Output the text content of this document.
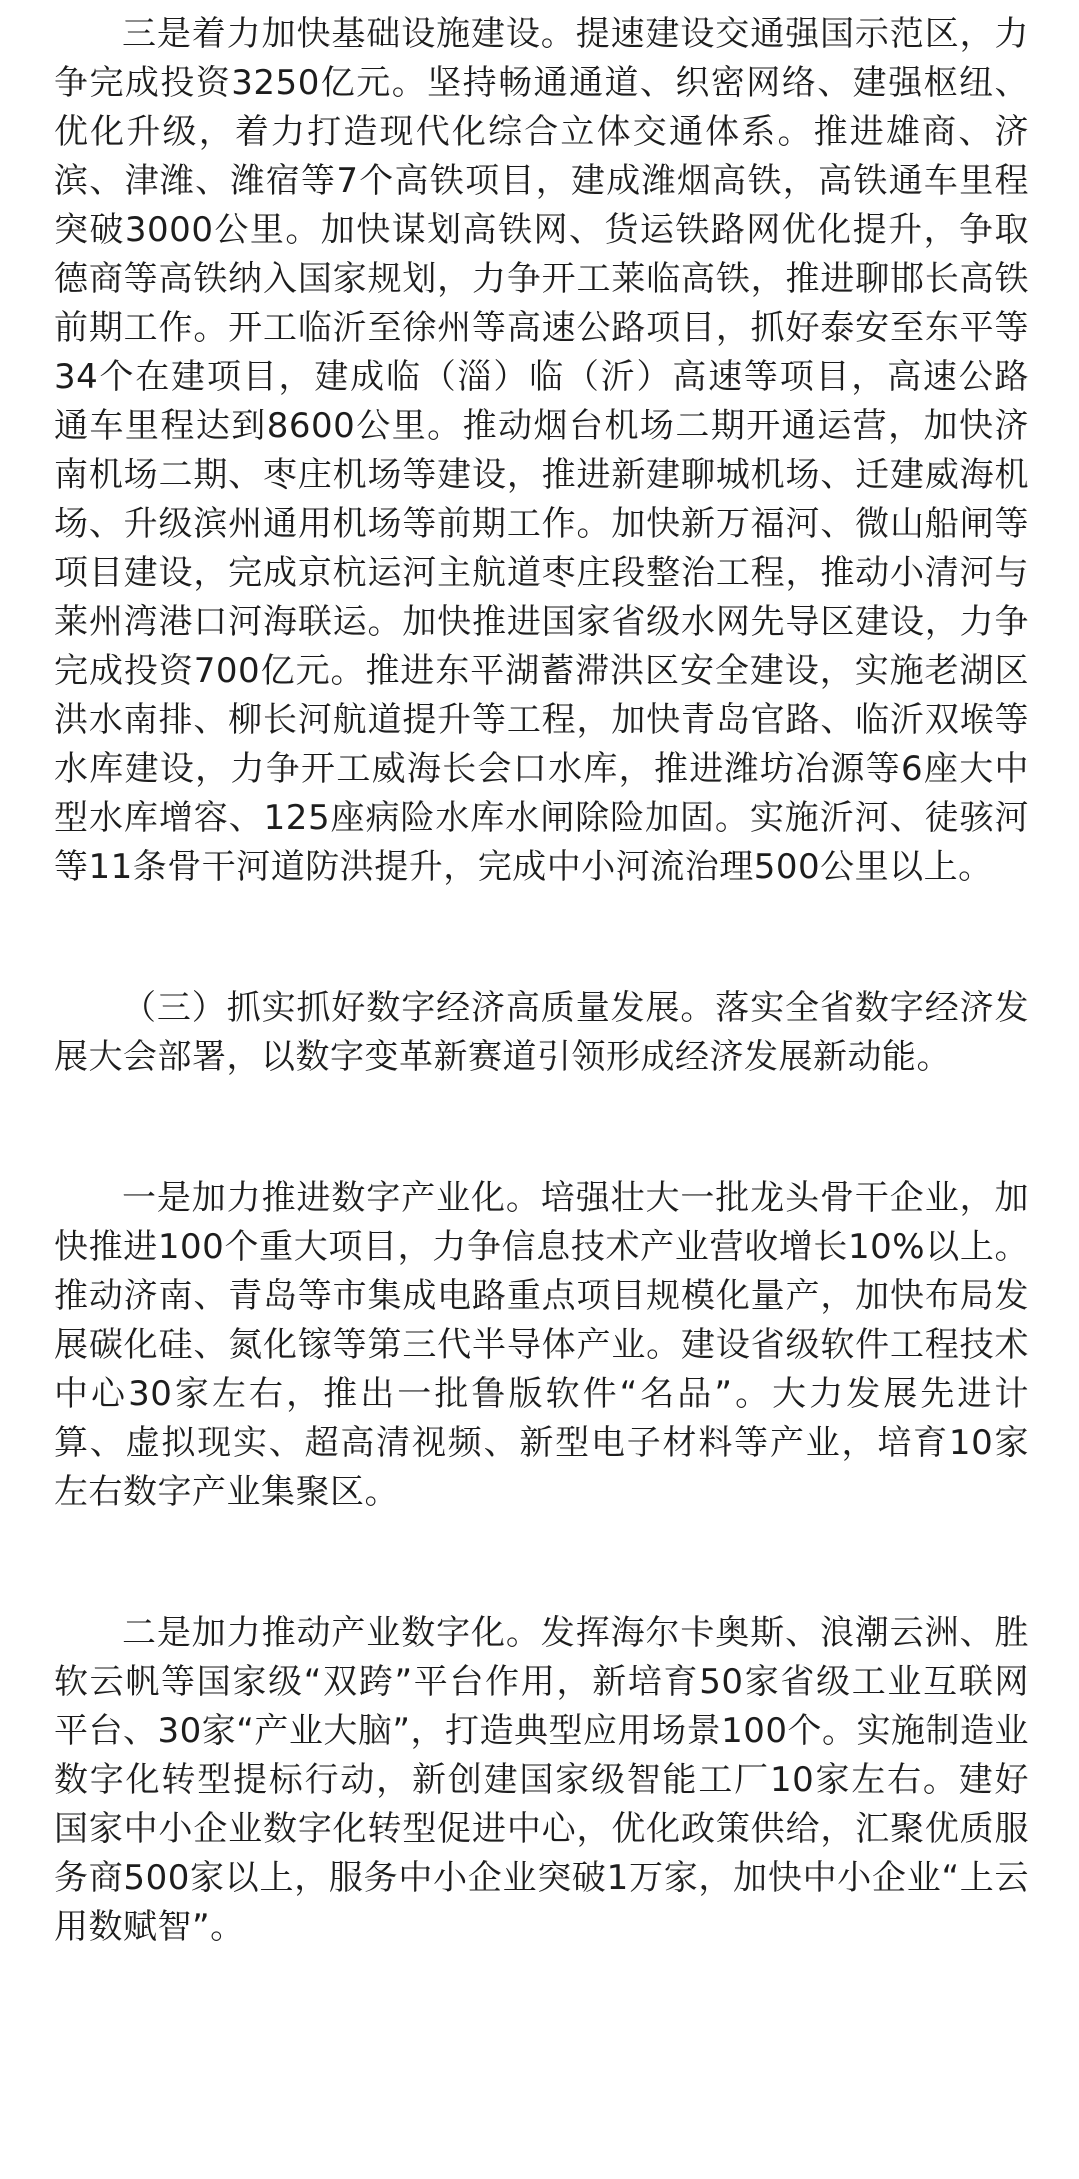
三是着力加快基础设施建设。提速建设交通强国示范区，力争完成投资3250亿元。坚持畅通通道、织密网络、建强枢纽、优化升级，着力打造现代化综合立体交通体系。推进雄商、济滨、津潍、潍宿等7个高铁项目，建成潍烟高铁，高铁通车里程突破3000公里。加快谋划高铁网、货运铁路网优化提升，争取德商等高铁纳入国家规划，力争开工莱临高铁，推进聊邯长高铁前期工作。开工临沂至徐州等高速公路项目，抓好泰安至东平等34个在建项目，建成临（淄）临（沂）高速等项目，高速公路通车里程达到8600公里。推动烟台机场二期开通运营，加快济南机场二期、枣庄机场等建设，推进新建聊城机场、迁建威海机场、升级滨州通用机场等前期工作。加快新万福河、微山船闸等项目建设，完成京杭运河主航道枣庄段整治工程，推动小清河与莱州湾港口河海联运。加快推进国家省级水网先导区建设，力争完成投资700亿元。推进东平湖蓄滞洪区安全建设，实施老湖区洪水南排、柳长河航道提升等工程，加快青岛官路、临沂双堠等水库建设，力争开工威海长会口水库，推进潍坊冶源等6座大中型水库增容、125座病险水库水闸除险加固。实施沂河、徒骇河等11条骨干河道防洪提升，完成中小河流治理500公里以上。

（三）抓实抓好数字经济高质量发展。落实全省数字经济发展大会部署，以数字变革新赛道引领形成经济发展新动能。

一是加力推进数字产业化。培强壮大一批龙头骨干企业，加快推进100个重大项目，力争信息技术产业营收增长10%以上。推动济南、青岛等市集成电路重点项目规模化量产，加快布局发展碳化硅、氮化镓等第三代半导体产业。建设省级软件工程技术中心30家左右，推出一批鲁版软件“名品”。大力发展先进计算、虚拟现实、超高清视频、新型电子材料等产业，培育10家左右数字产业集聚区。

二是加力推动产业数字化。发挥海尔卡奥斯、浪潮云洲、胜软云帆等国家级“双跨”平台作用，新培育50家省级工业互联网平台、30家“产业大脑”，打造典型应用场景100个。实施制造业数字化转型提标行动，新创建国家级智能工厂10家左右。建好国家中小企业数字化转型促进中心，优化政策供给，汇聚优质服务商500家以上，服务中小企业突破1万家，加快中小企业“上云用数赋智”。
